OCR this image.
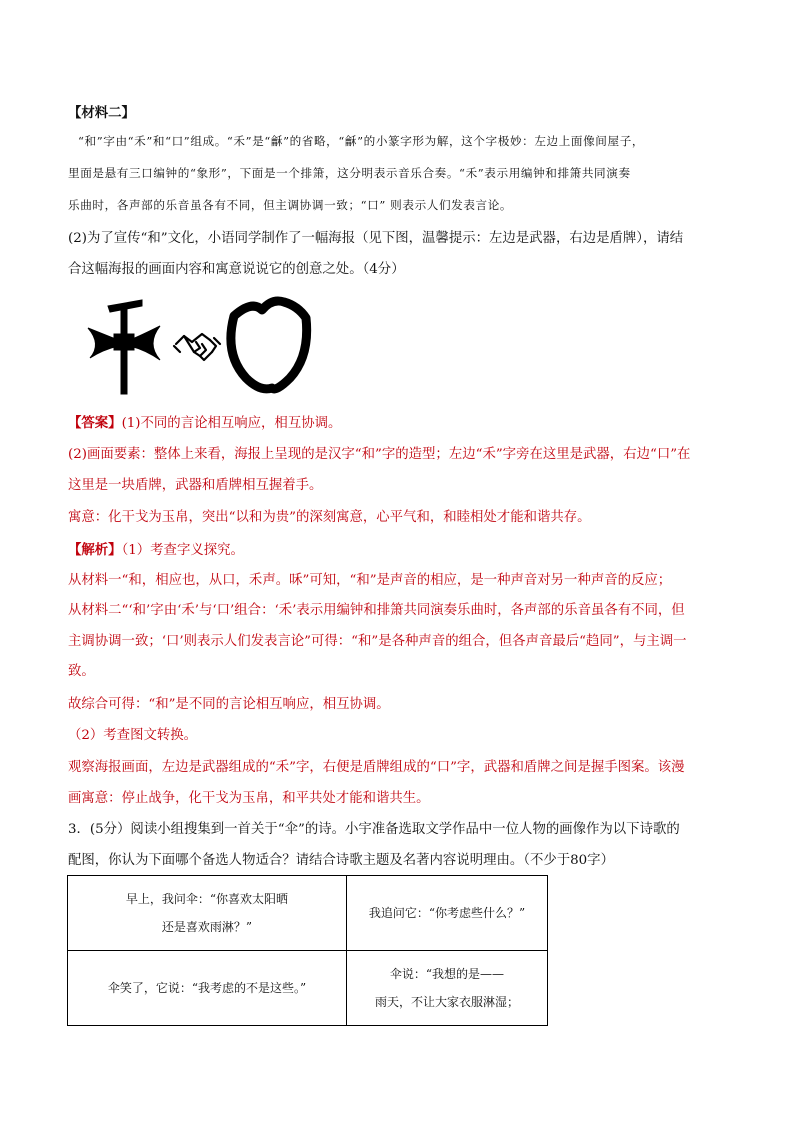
【材料二】
“和”字由“禾”和“口”组成。“禾”是“龢”的省略，“龢”的小篆字形为解，这个字极妙：左边上面像间屋子，
里面是悬有三口编钟的“象形”，下面是一个排箫，这分明表示音乐合奏。“禾”表示用编钟和排箫共同演奏
乐曲时，各声部的乐音虽各有不同，但主调协调一致；“口” 则表示人们发表言论。
(2)为了宣传“和”文化，小语同学制作了一幅海报（见下图，温馨提示：左边是武器，右边是盾牌），请结
合这幅海报的画面内容和寓意说说它的创意之处。（4分）
【答案】(1)不同的言论相互响应，相互协调。
(2)画面要素：整体上来看，海报上呈现的是汉字“和”字的造型；左边“禾”字旁在这里是武器，右边“口”在
这里是一块盾牌，武器和盾牌相互握着手。
寓意：化干戈为玉帛，突出“以和为贵”的深刻寓意，心平气和，和睦相处才能和谐共存。
【解析】（1）考查字义探究。
从材料一“和，相应也，从口，禾声。咊”可知，“和”是声音的相应，是一种声音对另一种声音的反应；
从材料二“‘和’字由‘禾’与‘口’组合：‘禾’表示用编钟和排箫共同演奏乐曲时，各声部的乐音虽各有不同，但
主调协调一致；‘口’则表示人们发表言论”可得：“和”是各种声音的组合，但各声音最后“趋同”，与主调一
致。
故综合可得：“和”是不同的言论相互响应，相互协调。
（2）考查图文转换。
观察海报画面，左边是武器组成的“禾”字，右便是盾牌组成的“口”字，武器和盾牌之间是握手图案。该漫
画寓意：停止战争，化干戈为玉帛，和平共处才能和谐共生。
3．(5分）阅读小组搜集到一首关于“伞”的诗。小宇准备选取文学作品中一位人物的画像作为以下诗歌的
配图，你认为下面哪个备选人物适合？请结合诗歌主题及名著内容说明理由。（不少于80字）
早上，我问伞：“你喜欢太阳晒
还是喜欢雨淋？”	我追问它：“你考虑些什么？”

伞笑了，它说：“我考虑的不是这些。”	伞说：“我想的是——
雨天，不让大家衣服淋湿；
